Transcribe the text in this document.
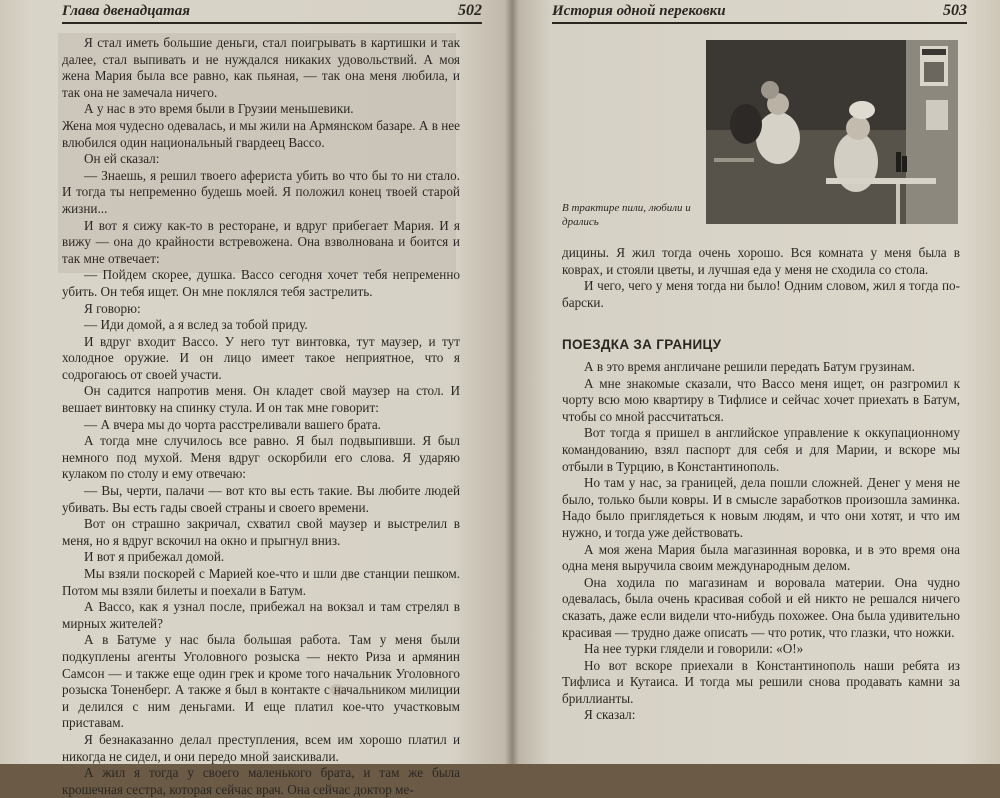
Глава двенадцатая	502

Я стал иметь большие деньги, стал поигрывать в картишки и так далее, стал выпивать и не нуждался никаких удовольствий. А моя жена Мария была все равно, как пьяная, — так она меня любила, и так она не замечала ничего.

А у нас в это время были в Грузии меньшевики.

Жена моя чудесно одевалась, и мы жили на Армянском базаре. А в нее влюбился один национальный гвардеец Вассо.

Он ей сказал:

— Знаешь, я решил твоего афериста убить во что бы то ни стало. И тогда ты непременно будешь моей. Я положил конец твоей старой жизни...

И вот я сижу как-то в ресторане, и вдруг прибегает Мария. И я вижу — она до крайности встревожена. Она взволнована и боится и так мне отвечает:

— Пойдем скорее, душка. Вассо сегодня хочет тебя непременно убить. Он тебя ищет. Он мне поклялся тебя застрелить.

Я говорю:

— Иди домой, а я вслед за тобой приду.

И вдруг входит Вассо. У него тут винтовка, тут маузер, и тут холодное оружие. И он лицо имеет такое неприятное, что я содрогаюсь от своей участи.

Он садится напротив меня. Он кладет свой маузер на стол. И вешает винтовку на спинку стула. И он так мне говорит:

— А вчера мы до чорта расстреливали вашего брата.

А тогда мне случилось все равно. Я был подвыпивши. Я был немного под мухой. Меня вдруг оскорбили его слова. Я ударяю кулаком по столу и ему отвечаю:

— Вы, черти, палачи — вот кто вы есть такие. Вы любите людей убивать. Вы есть гады своей страны и своего времени.

Вот он страшно закричал, схватил свой маузер и выстрелил в меня, но я вдруг вскочил на окно и прыгнул вниз.

И вот я прибежал домой.

Мы взяли поскорей с Марией кое-что и шли две станции пешком. Потом мы взяли билеты и поехали в Батум.

А Вассо, как я узнал после, прибежал на вокзал и там стрелял в мирных жителей?

А в Батуме у нас была большая работа. Там у меня были подкуплены агенты Уголовного розыска — некто Риза и армянин Самсон — и также еще один грек и кроме того начальник Уголовного розыска Тоненберг. А также я был в контакте с начальником милиции и делился с ним деньгами. И еще платил кое-что участковым приставам.

Я безнаказанно делал преступления, всем им хорошо платил и никогда не сидел, и они передо мной заискивали.

А жил я тогда у своего маленького брата, и там же была крошечная сестра, которая сейчас врач. Она сейчас доктор ме-

История одной перековки	503
В трактире пили, любили и дрались

дицины. Я жил тогда очень хорошо. Вся комната у меня была в коврах, и стояли цветы, и лучшая еда у меня не сходила со стола.

И чего, чего у меня тогда ни было! Одним словом, жил я тогда по-барски.

ПОЕЗДКА ЗА ГРАНИЦУ

А в это время англичане решили передать Батум грузинам.

А мне знакомые сказали, что Вассо меня ищет, он разгромил к чорту всю мою квартиру в Тифлисе и сейчас хочет приехать в Батум, чтобы со мной рассчитаться.

Вот тогда я пришел в английское управление к оккупационному командованию, взял паспорт для себя и для Марии, и вскоре мы отбыли в Турцию, в Константинополь.

Но там у нас, за границей, дела пошли сложней. Денег у меня не было, только были ковры. И в смысле заработков произошла заминка. Надо было приглядеться к новым людям, и что они хотят, и что им нужно, и тогда уже действовать.

А моя жена Мария была магазинная воровка, и в это время она одна меня выручила своим международным делом.

Она ходила по магазинам и воровала материи. Она чудно одевалась, была очень красивая собой и ей никто не решался ничего сказать, даже если видели что-нибудь похожее. Она была удивительно красивая — трудно даже описать — что ротик, что глазки, что ножки.

На нее турки глядели и говорили: «О!»

Но вот вскоре приехали в Константинополь наши ребята из Тифлиса и Кутаиса. И тогда мы решили снова продавать камни за бриллианты.

Я сказал:
